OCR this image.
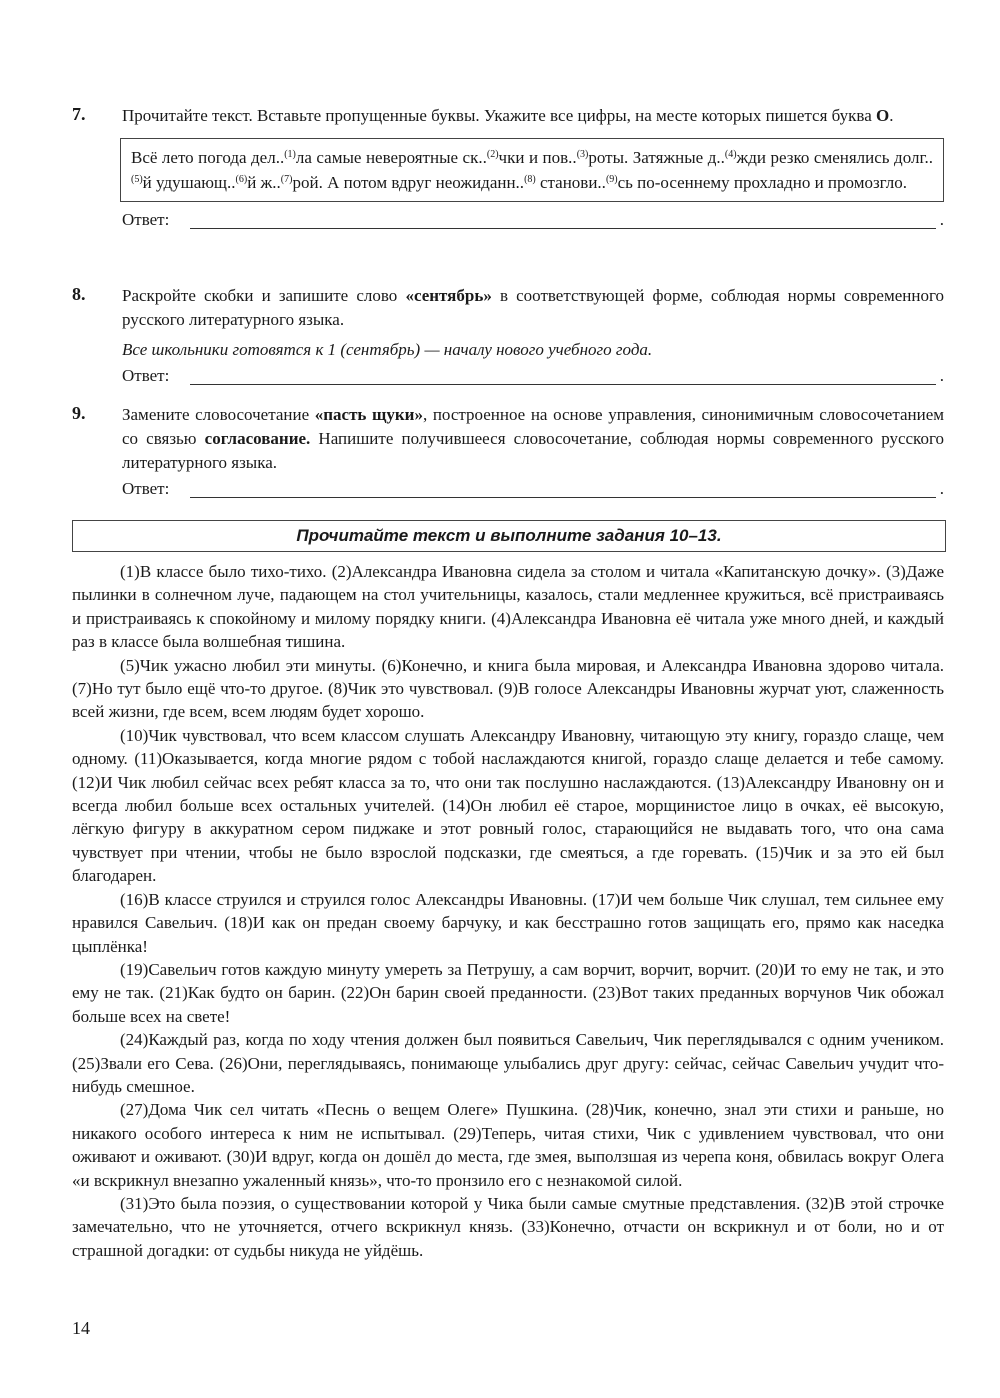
7. Прочитайте текст. Вставьте пропущенные буквы. Укажите все цифры, на месте которых пишется буква О.
Всё лето погода дел..$^{(1)}$ла самые невероятные ск..$^{(2)}$чки и пов..$^{(3)}$роты. Затяжные д..$^{(4)}$жди резко сменялись долг..$^{(5)}$й удушающ..$^{(6)}$й ж..$^{(7)}$рой. А потом вдруг неожиданн..$^{(8)}$ станови..$^{(9)}$сь по-осеннему прохладно и промозгло.
Ответ:	.
8. Раскройте скобки и запишите слово «сентябрь» в соответствующей форме, соблюдая нормы современного русского литературного языка.
Все школьники готовятся к 1 (сентябрь) — началу нового учебного года.
Ответ:	.
9. Замените словосочетание «пасть щуки», построенное на основе управления, синонимичным словосочетанием со связью согласование. Напишите получившееся словосочетание, соблюдая нормы современного русского литературного языка.
Ответ:	.
Прочитайте текст и выполните задания 10–13.

(1)В классе было тихо-тихо. (2)Александра Ивановна сидела за столом и читала «Капитанскую дочку». (3)Даже пылинки в солнечном луче, падающем на стол учительницы, казалось, стали медленнее кружиться, всё пристраиваясь и пристраиваясь к спокойному и милому порядку книги. (4)Александра Ивановна её читала уже много дней, и каждый раз в классе была волшебная тишина.

(5)Чик ужасно любил эти минуты. (6)Конечно, и книга была мировая, и Александра Ивановна здорово читала. (7)Но тут было ещё что-то другое. (8)Чик это чувствовал. (9)В голосе Александры Ивановны журчат уют, слаженность всей жизни, где всем, всем людям будет хорошо.

(10)Чик чувствовал, что всем классом слушать Александру Ивановну, читающую эту книгу, гораздо слаще, чем одному. (11)Оказывается, когда многие рядом с тобой наслаждаются книгой, гораздо слаще делается и тебе самому. (12)И Чик любил сейчас всех ребят класса за то, что они так послушно наслаждаются. (13)Александру Ивановну он и всегда любил больше всех остальных учителей. (14)Он любил её старое, морщинистое лицо в очках, её высокую, лёгкую фигуру в аккуратном сером пиджаке и этот ровный голос, старающийся не выдавать того, что она сама чувствует при чтении, чтобы не было взрослой подсказки, где смеяться, а где горевать. (15)Чик и за это ей был благодарен.

(16)В классе струился и струился голос Александры Ивановны. (17)И чем больше Чик слушал, тем сильнее ему нравился Савельич. (18)И как он предан своему барчуку, и как бесстрашно готов защищать его, прямо как наседка цыплёнка!

(19)Савельич готов каждую минуту умереть за Петрушу, а сам ворчит, ворчит, ворчит. (20)И то ему не так, и это ему не так. (21)Как будто он барин. (22)Он барин своей преданности. (23)Вот таких преданных ворчунов Чик обожал больше всех на свете!

(24)Каждый раз, когда по ходу чтения должен был появиться Савельич, Чик переглядывался с одним учеником. (25)Звали его Сева. (26)Они, переглядываясь, понимающе улыбались друг другу: сейчас, сейчас Савельич учудит что-нибудь смешное.

(27)Дома Чик сел читать «Песнь о вещем Олеге» Пушкина. (28)Чик, конечно, знал эти стихи и раньше, но никакого особого интереса к ним не испытывал. (29)Теперь, читая стихи, Чик с удивлением чувствовал, что они оживают и оживают. (30)И вдруг, когда он дошёл до места, где змея, выползшая из черепа коня, обвилась вокруг Олега «и вскрикнул внезапно ужаленный князь», что-то пронзило его с незнакомой силой.

(31)Это была поэзия, о существовании которой у Чика были самые смутные представления. (32)В этой строчке замечательно, что не уточняется, отчего вскрикнул князь. (33)Конечно, отчасти он вскрикнул и от боли, но и от страшной догадки: от судьбы никуда не уйдёшь.

14
